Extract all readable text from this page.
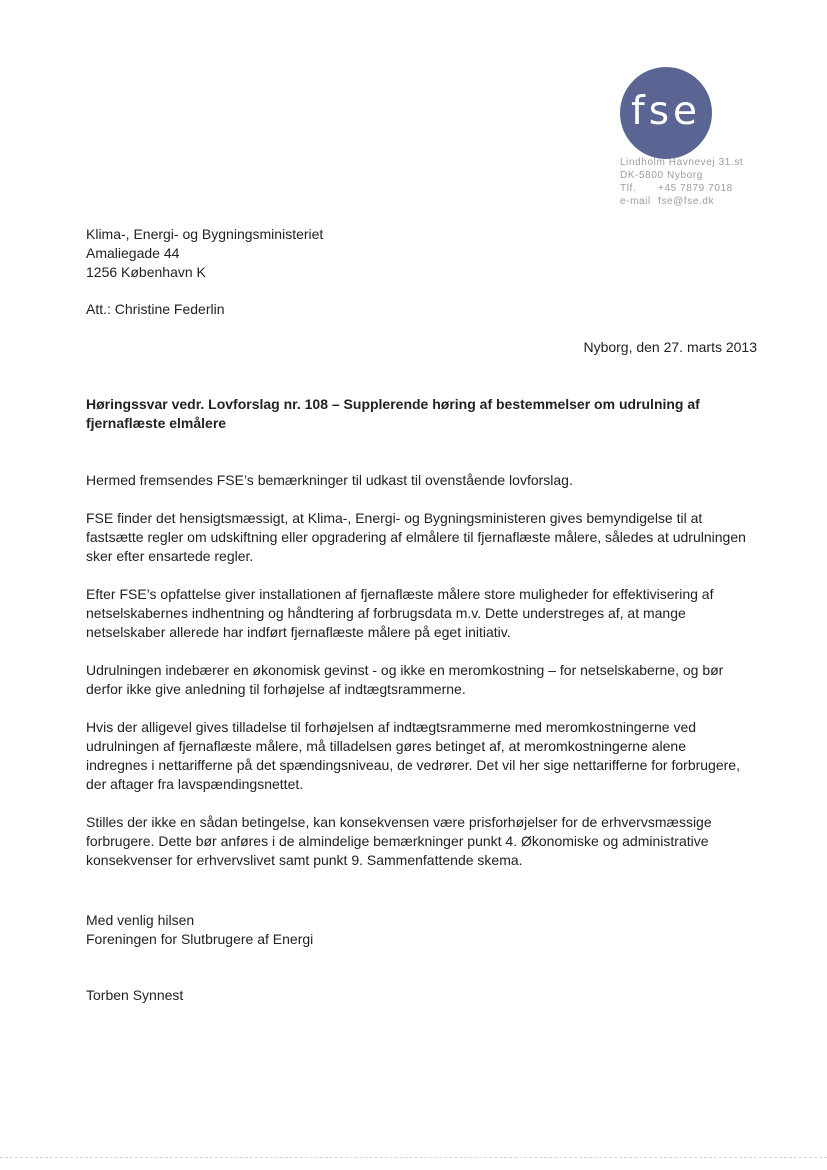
fse
Lindholm Havnevej 31.st
DK-5800 Nyborg
Tlf. +45 7879 7018
e-mail fse@fse.dk
Klima-, Energi- og Bygningsministeriet
Amaliegade 44
1256 København K
Att.: Christine Federlin
Nyborg, den 27. marts 2013
Høringssvar vedr. Lovforslag nr. 108 – Supplerende høring af bestemmelser om udrulning af fjernaflæste elmålere

Hermed fremsendes FSE’s bemærkninger til udkast til ovenstående lovforslag.

FSE finder det hensigtsmæssigt, at Klima-, Energi- og Bygningsministeren gives bemyndigelse til at fastsætte regler om udskiftning eller opgradering af elmålere til fjernaflæste målere, således at udrulningen sker efter ensartede regler.

Efter FSE’s opfattelse giver installationen af fjernaflæste målere store muligheder for effektivisering af netselskabernes indhentning og håndtering af forbrugsdata m.v. Dette understreges af, at mange netselskaber allerede har indført fjernaflæste målere på eget initiativ.

Udrulningen indebærer en økonomisk gevinst - og ikke en meromkostning – for netselskaberne, og bør derfor ikke give anledning til forhøjelse af indtægtsrammerne.

Hvis der alligevel gives tilladelse til forhøjelsen af indtægtsrammerne med meromkostningerne ved udrulningen af fjernaflæste målere, må tilladelsen gøres betinget af, at meromkostningerne alene indregnes i nettarifferne på det spændingsniveau, de vedrører. Det vil her sige nettarifferne for forbrugere, der aftager fra lavspændingsnettet.

Stilles der ikke en sådan betingelse, kan konsekvensen være prisforhøjelser for de erhvervsmæssige forbrugere. Dette bør anføres i de almindelige bemærkninger punkt 4. Økonomiske og administrative konsekvenser for erhvervslivet samt punkt 9. Sammenfattende skema.

Med venlig hilsen
Foreningen for Slutbrugere af Energi
Torben Synnest
